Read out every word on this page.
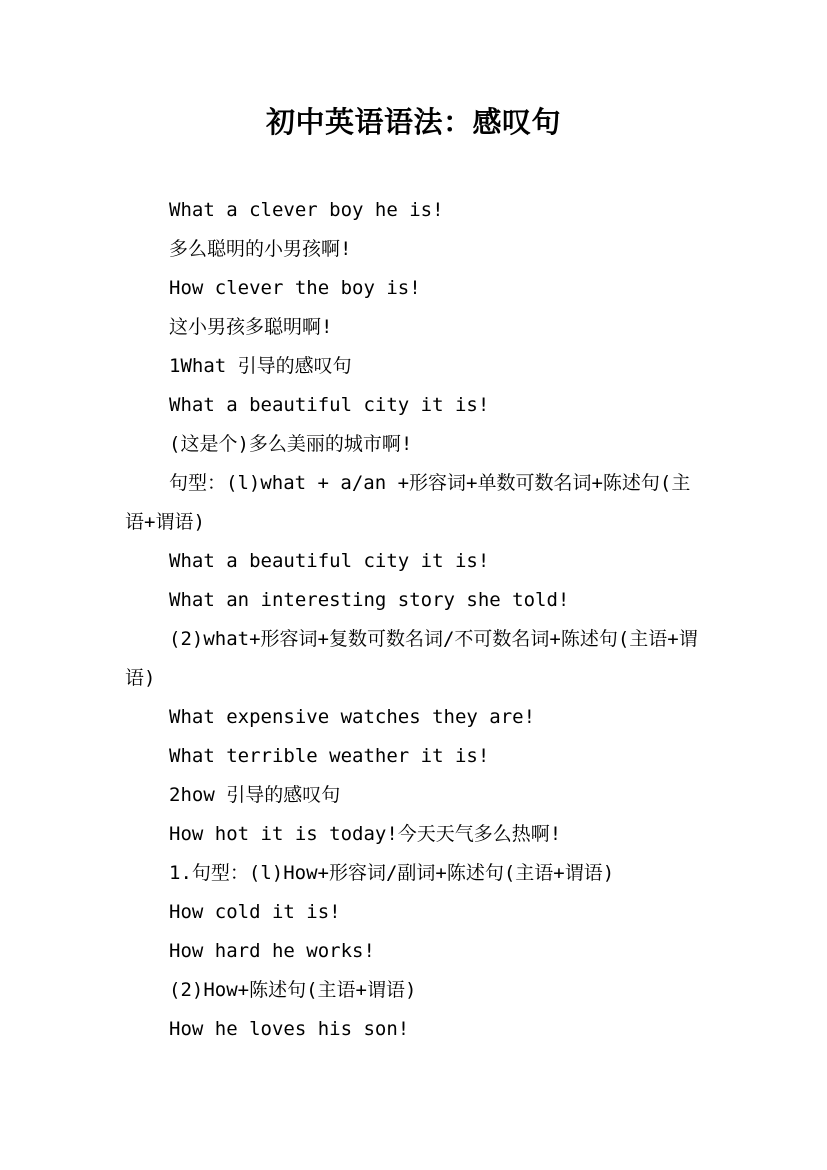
初中英语语法：感叹句

What a clever boy he is!

多么聪明的小男孩啊!

How clever the boy is!

这小男孩多聪明啊!

1What 引导的感叹句

What a beautiful city it is!

(这是个)多么美丽的城市啊!

句型：(l)what + a/an +形容词+单数可数名词+陈述句(主语+谓语)

What a beautiful city it is!

What an interesting story she told!

(2)what+形容词+复数可数名词/不可数名词+陈述句(主语+谓语)

What expensive watches they are!

What terrible weather it is!

2how 引导的感叹句

How hot it is today!今天天气多么热啊!

1.句型：(l)How+形容词/副词+陈述句(主语+谓语)

How cold it is!

How hard he works!

(2)How+陈述句(主语+谓语)

How he loves his son!
